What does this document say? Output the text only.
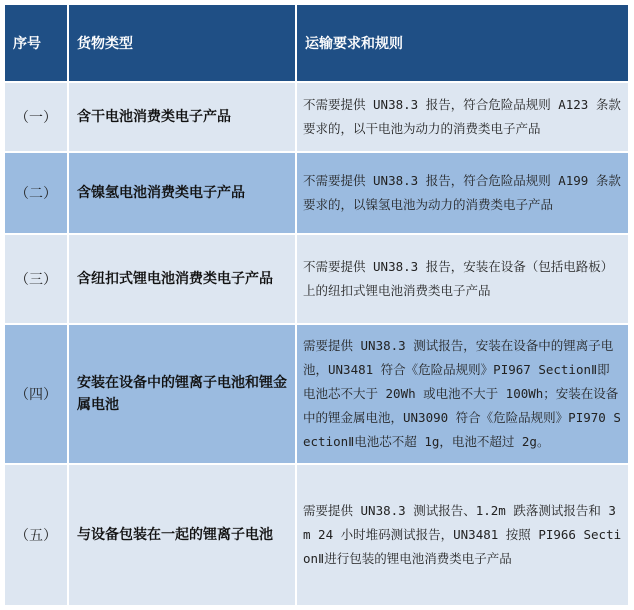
序号	货物类型	运输要求和规则
（一）	含干电池消费类电子产品	不需要提供 UN38.3 报告，符合危险品规则 A123 条款要求的，以干电池为动力的消费类电子产品
（二）	含镍氢电池消费类电子产品	不需要提供 UN38.3 报告，符合危险品规则 A199 条款要求的，以镍氢电池为动力的消费类电子产品
（三）	含纽扣式锂电池消费类电子产品	不需要提供 UN38.3 报告，安装在设备（包括电路板）上的纽扣式锂电池消费类电子产品
（四）	安装在设备中的锂离子电池和锂金属电池	需要提供 UN38.3 测试报告，安装在设备中的锂离子电池，UN3481 符合《危险品规则》PI967 SectionⅡ即电池芯不大于 20Wh 或电池不大于 100Wh；安装在设备中的锂金属电池，UN3090 符合《危险品规则》PI970 SectionⅡ电池芯不超 1g，电池不超过 2g。
（五）	与设备包装在一起的锂离子电池	需要提供 UN38.3 测试报告、1.2m 跌落测试报告和 3m 24 小时堆码测试报告，UN3481 按照 PI966 SectionⅡ进行包装的锂电池消费类电子产品
